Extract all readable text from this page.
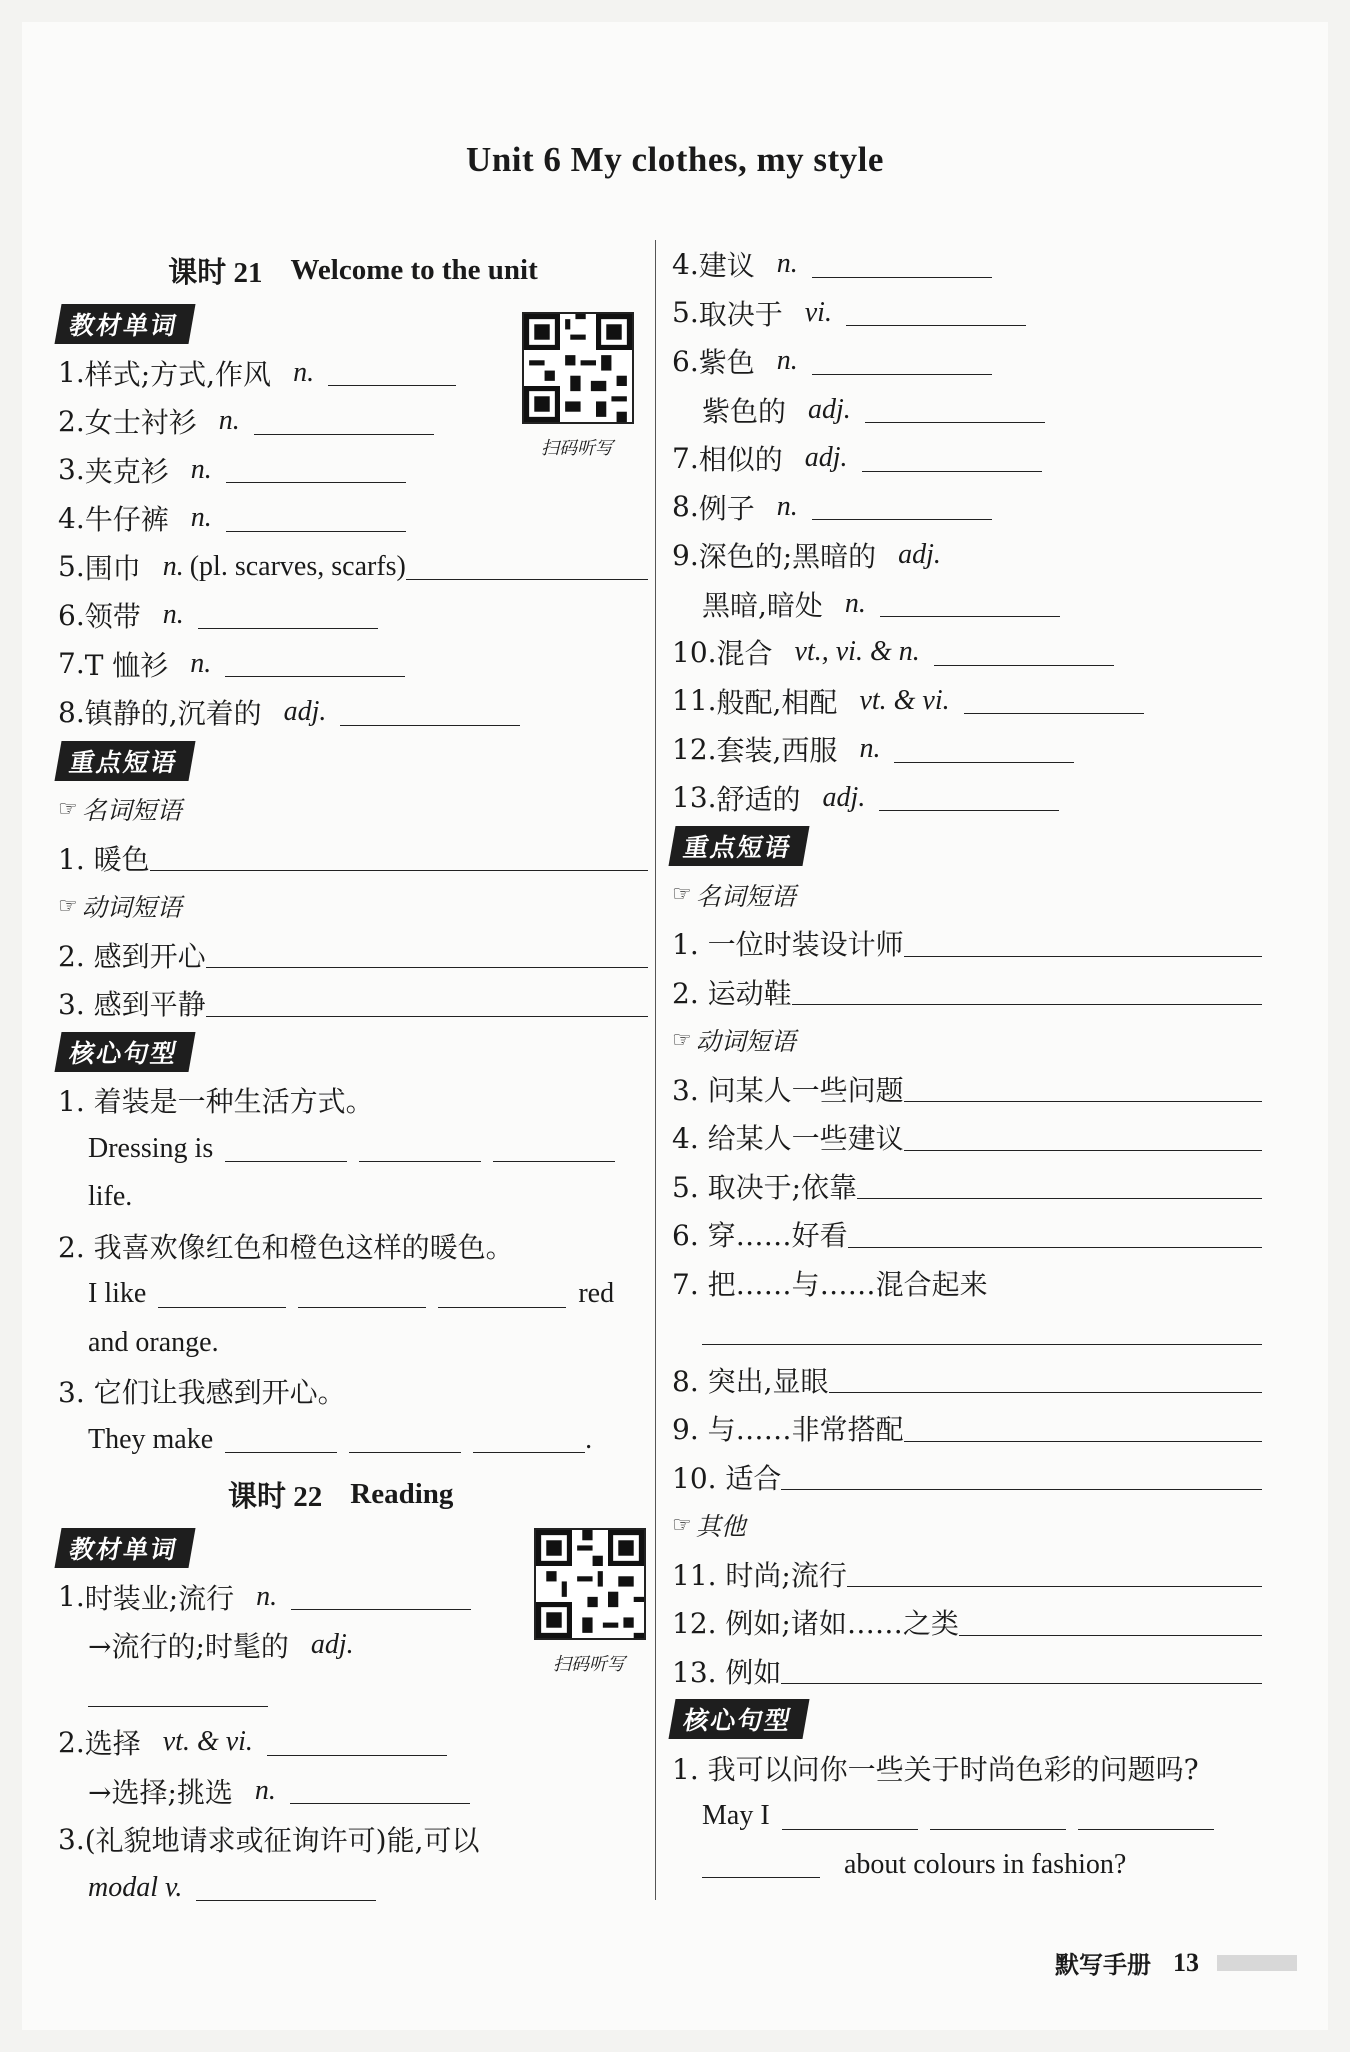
Unit 6 My clothes, my style
课时 21 Welcome to the unit
教材单词
1. 样式;方式,作风 n.
2. 女士衬衫 n.
3. 夹克衫 n.
4. 牛仔裤 n.
5. 围巾 n. (pl. scarves, scarfs)
6. 领带 n.
7. T 恤衫 n.
8. 镇静的,沉着的 adj.
重点短语
☞ 名词短语
1. 暖色
☞ 动词短语
2. 感到开心
3. 感到平静
核心句型
1. 着装是一种生活方式。
Dressing is
life.
2. 我喜欢像红色和橙色这样的暖色。
I like	red
and orange.
3. 它们让我感到开心。
They make	.
课时 22 Reading
教材单词
1. 时装业;流行 n.
→流行的;时髦的 adj.
2. 选择 vt. & vi.
→选择;挑选 n.
3. (礼貌地请求或征询许可)能,可以
modal v.
扫码听写
扫码听写
4. 建议 n.
5. 取决于 vi.
6. 紫色 n.
紫色的 adj.
7. 相似的 adj.
8. 例子 n.
9. 深色的;黑暗的 adj.
黑暗,暗处 n.
10. 混合 vt., vi. & n.
11. 般配,相配 vt. & vi.
12. 套装,西服 n.
13. 舒适的 adj.
重点短语
☞ 名词短语
1. 一位时装设计师
2. 运动鞋
☞ 动词短语
3. 问某人一些问题
4. 给某人一些建议
5. 取决于;依靠
6. 穿……好看
7. 把……与……混合起来
8. 突出,显眼
9. 与……非常搭配
10. 适合
☞ 其他
11. 时尚;流行
12. 例如;诸如……之类
13. 例如
核心句型
1. 我可以问你一些关于时尚色彩的问题吗?
May I
about colours in fashion?
默写手册 13
